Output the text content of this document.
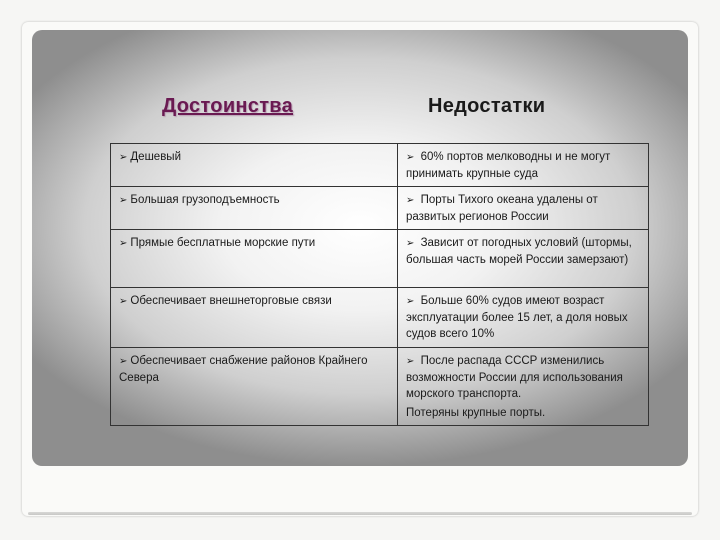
Достоинства	Недостатки
➢ Дешевый	➢ 60% портов мелководны и не могут принимать крупные суда
➢ Большая грузоподъемность	➢ Порты Тихого океана удалены от развитых регионов России
➢ Прямые бесплатные морские пути	➢ Зависит от погодных условий (штормы, большая часть морей России замерзают)
➢ Обеспечивает внешнеторговые связи	➢ Больше 60% судов имеют возраст эксплуатации более 15 лет, а доля новых судов всего 10%
➢ Обеспечивает снабжение районов Крайнего Севера	➢ После распада СССР изменились возможности России для использования морского транспорта.
Потеряны крупные порты.
